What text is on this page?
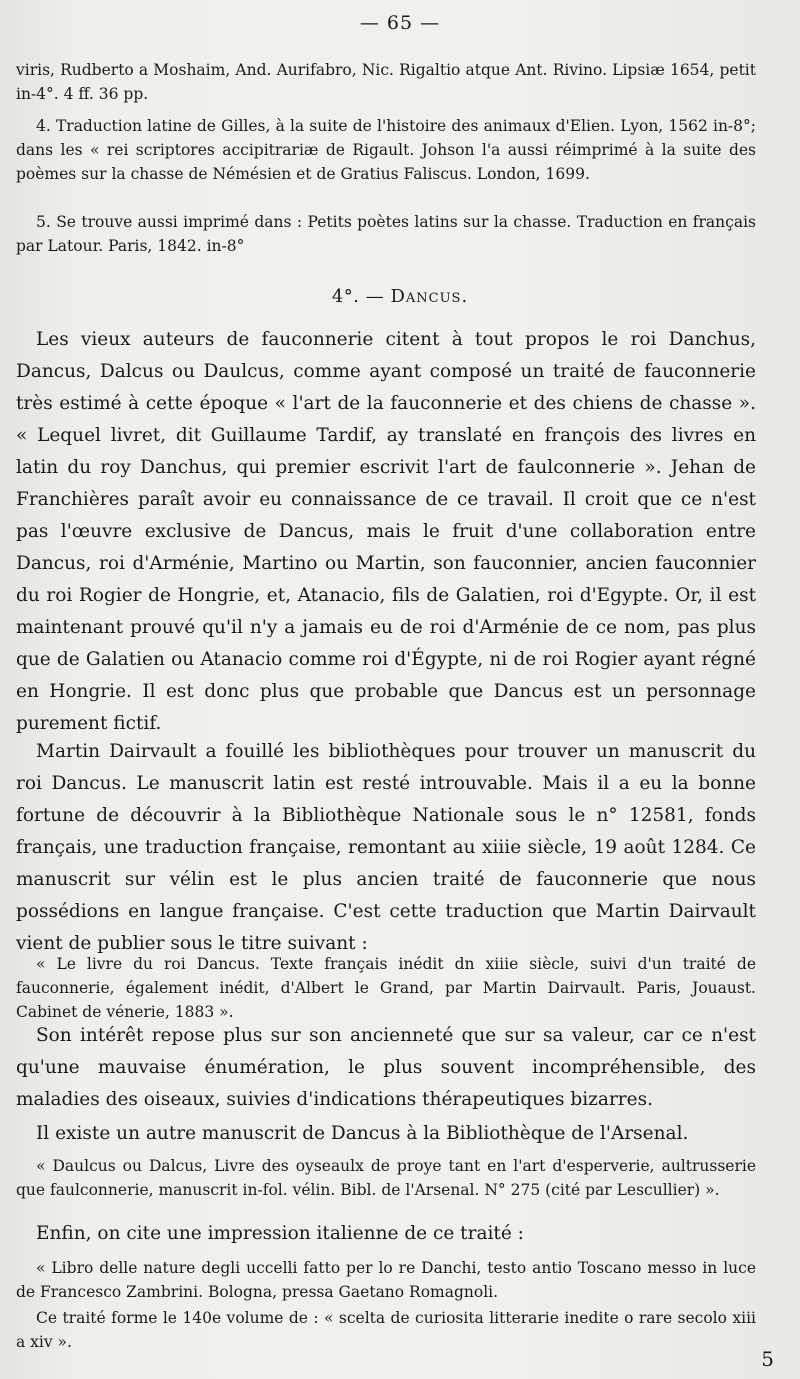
— 65 —
viris, Rudberto a Moshaim, And. Aurifabro, Nic. Rigaltio atque Ant. Rivino. Lipsiæ 1654, petit in-4°. 4 ff. 36 pp.
4. Traduction latine de Gilles, à la suite de l'histoire des animaux d'Elien. Lyon, 1562 in-8°; dans les « rei scriptores accipitrariæ de Rigault. Johson l'a aussi réimprimé à la suite des poèmes sur la chasse de Némésien et de Gratius Faliscus. London, 1699.
5. Se trouve aussi imprimé dans : Petits poètes latins sur la chasse. Traduction en français par Latour. Paris, 1842. in-8°
4°. — Dancus.
Les vieux auteurs de fauconnerie citent à tout propos le roi Danchus, Dancus, Dalcus ou Daulcus, comme ayant composé un traité de fauconnerie très estimé à cette époque « l'art de la fauconnerie et des chiens de chasse ». « Lequel livret, dit Guillaume Tardif, ay translaté en françois des livres en latin du roy Danchus, qui premier escrivit l'art de faulconnerie ». Jehan de Franchières paraît avoir eu connaissance de ce travail. Il croit que ce n'est pas l'œuvre exclusive de Dancus, mais le fruit d'une collaboration entre Dancus, roi d'Arménie, Martino ou Martin, son fauconnier, ancien fauconnier du roi Rogier de Hongrie, et, Atanacio, fils de Galatien, roi d'Egypte. Or, il est maintenant prouvé qu'il n'y a jamais eu de roi d'Arménie de ce nom, pas plus que de Galatien ou Atanacio comme roi d'Égypte, ni de roi Rogier ayant régné en Hongrie. Il est donc plus que probable que Dancus est un personnage purement fictif.
Martin Dairvault a fouillé les bibliothèques pour trouver un manuscrit du roi Dancus. Le manuscrit latin est resté introuvable. Mais il a eu la bonne fortune de découvrir à la Bibliothèque Nationale sous le n° 12581, fonds français, une traduction française, remontant au xiiie siècle, 19 août 1284. Ce manuscrit sur vélin est le plus ancien traité de fauconnerie que nous possédions en langue française. C'est cette traduction que Martin Dairvault vient de publier sous le titre suivant :
« Le livre du roi Dancus. Texte français inédit dn xiiie siècle, suivi d'un traité de fauconnerie, également inédit, d'Albert le Grand, par Martin Dairvault. Paris, Jouaust. Cabinet de vénerie, 1883 ».
Son intérêt repose plus sur son ancienneté que sur sa valeur, car ce n'est qu'une mauvaise énumération, le plus souvent incompréhensible, des maladies des oiseaux, suivies d'indications thérapeutiques bizarres.
Il existe un autre manuscrit de Dancus à la Bibliothèque de l'Arsenal.
« Daulcus ou Dalcus, Livre des oyseaulx de proye tant en l'art d'esperverie, aultrusserie que faulconnerie, manuscrit in-fol. vélin. Bibl. de l'Arsenal. N° 275 (cité par Lescullier) ».
Enfin, on cite une impression italienne de ce traité :
« Libro delle nature degli uccelli fatto per lo re Danchi, testo antio Toscano messo in luce de Francesco Zambrini. Bologna, pressa Gaetano Romagnoli.
Ce traité forme le 140e volume de : « scelta de curiosita litterarie inedite o rare secolo xiii a xiv ».
5
